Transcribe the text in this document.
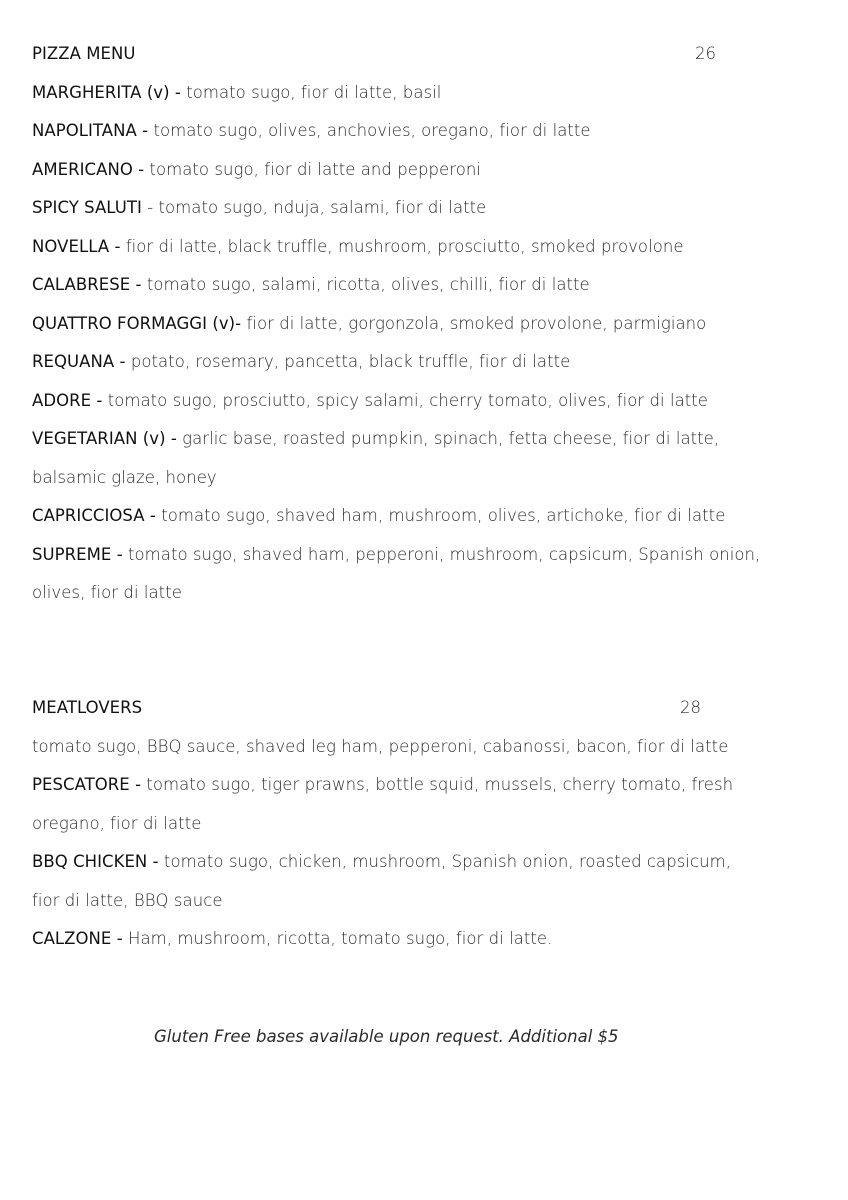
PIZZA MENU	26
MARGHERITA (v) - tomato sugo, fior di latte, basil
NAPOLITANA - tomato sugo, olives, anchovies, oregano, fior di latte
AMERICANO - tomato sugo, fior di latte and pepperoni
SPICY SALUTI - tomato sugo, nduja, salami, fior di latte
NOVELLA - fior di latte, black truffle, mushroom, prosciutto, smoked provolone
CALABRESE - tomato sugo, salami, ricotta, olives, chilli, fior di latte
QUATTRO FORMAGGI (v)- fior di latte, gorgonzola, smoked provolone, parmigiano
REQUANA - potato, rosemary, pancetta, black truffle, fior di latte
ADORE - tomato sugo, prosciutto, spicy salami, cherry tomato, olives, fior di latte
VEGETARIAN (v) - garlic base, roasted pumpkin, spinach, fetta cheese, fior di latte,
balsamic glaze, honey
CAPRICCIOSA - tomato sugo, shaved ham, mushroom, olives, artichoke, fior di latte
SUPREME - tomato sugo, shaved ham, pepperoni, mushroom, capsicum, Spanish onion,
olives, fior di latte
MEATLOVERS	28
tomato sugo, BBQ sauce, shaved leg ham, pepperoni, cabanossi, bacon, fior di latte
PESCATORE - tomato sugo, tiger prawns, bottle squid, mussels, cherry tomato, fresh
oregano, fior di latte
BBQ CHICKEN - tomato sugo, chicken, mushroom, Spanish onion, roasted capsicum,
fior di latte, BBQ sauce
CALZONE - Ham, mushroom, ricotta, tomato sugo, fior di latte.
Gluten Free bases available upon request. Additional $5
